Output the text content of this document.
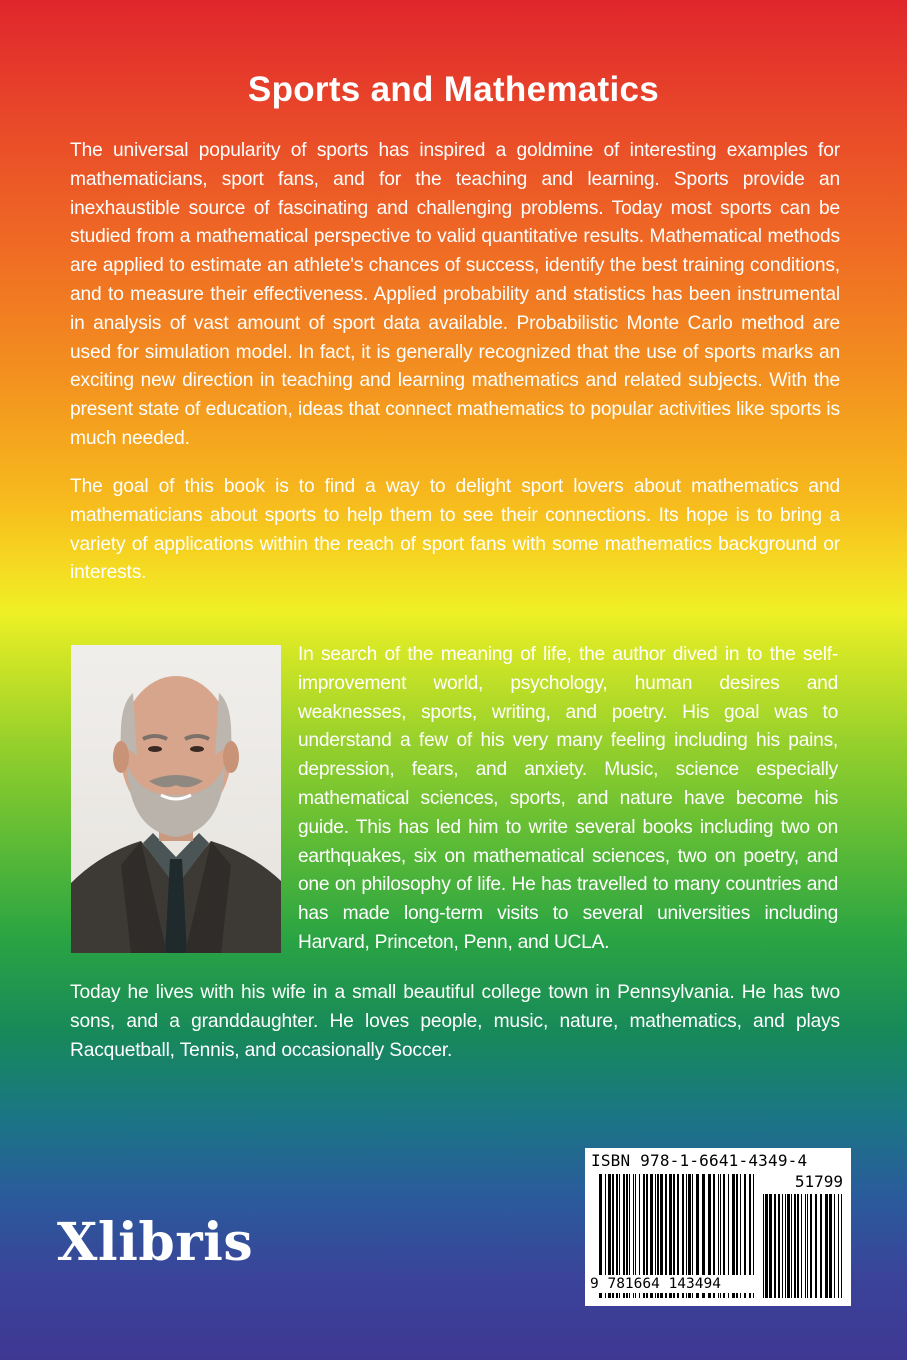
Sports and Mathematics

The universal popularity of sports has inspired a goldmine of interesting examples for mathematicians, sport fans, and for the teaching and learning. Sports provide an inexhaustible source of fascinating and challenging problems. Today most sports can be studied from a mathematical perspective to valid quantitative results. Mathematical methods are applied to estimate an athlete's chances of success, identify the best training conditions, and to measure their effectiveness. Applied probability and statistics has been instrumental in analysis of vast amount of sport data available. Probabilistic Monte Carlo method are used for simulation model. In fact, it is generally recognized that the use of sports marks an exciting new direction in teaching and learning mathematics and related subjects. With the present state of education, ideas that connect mathematics to popular activities like sports is much needed.

The goal of this book is to find a way to delight sport lovers about mathematics and mathematicians about sports to help them to see their connections. Its hope is to bring a variety of applications within the reach of sport fans with some mathematics background or interests.

In search of the meaning of life, the author dived in to the self-improvement world, psychology, human desires and weaknesses, sports, writing, and poetry. His goal was to understand a few of his very many feeling including his pains, depression, fears, and anxiety. Music, science especially mathematical sciences, sports, and nature have become his guide. This has led him to write several books including two on earthquakes, six on mathematical sciences, two on poetry, and one on philosophy of life. He has travelled to many countries and has made long-term visits to several universities including Harvard, Princeton, Penn, and UCLA.

Today he lives with his wife in a small beautiful college town in Pennsylvania. He has two sons, and a granddaughter. He loves people, music, nature, mathematics, and plays Racquetball, Tennis, and occasionally Soccer.

Xlibris
ISBN 978-1-6641-4349-4
51799
9 781664 143494
